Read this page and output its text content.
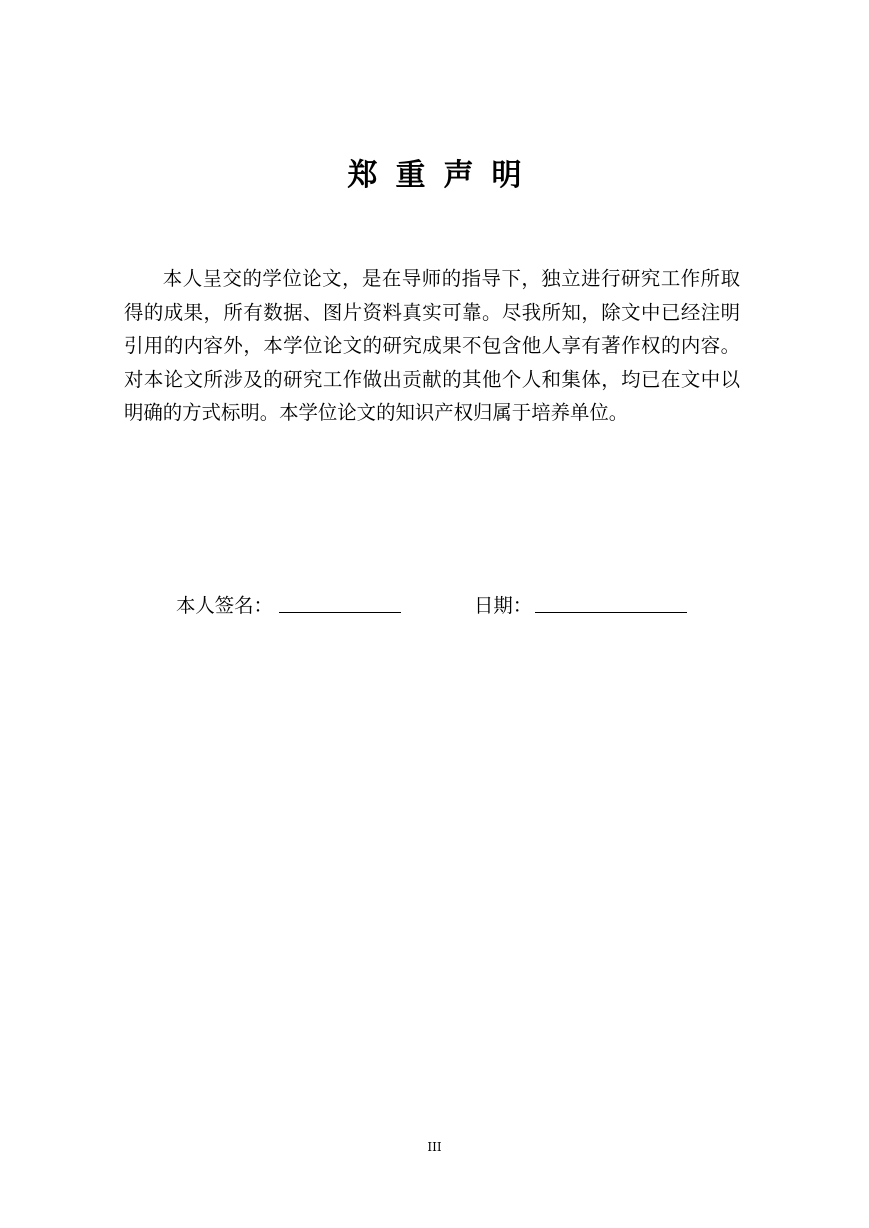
郑重声明

本人呈交的学位论文，是在导师的指导下，独立进行研究工作所取得的成果，所有数据、图片资料真实可靠。尽我所知，除文中已经注明引用的内容外，本学位论文的研究成果不包含他人享有著作权的内容。对本论文所涉及的研究工作做出贡献的其他个人和集体，均已在文中以明确的方式标明。本学位论文的知识产权归属于培养单位。

本人签名：	日期：
III
